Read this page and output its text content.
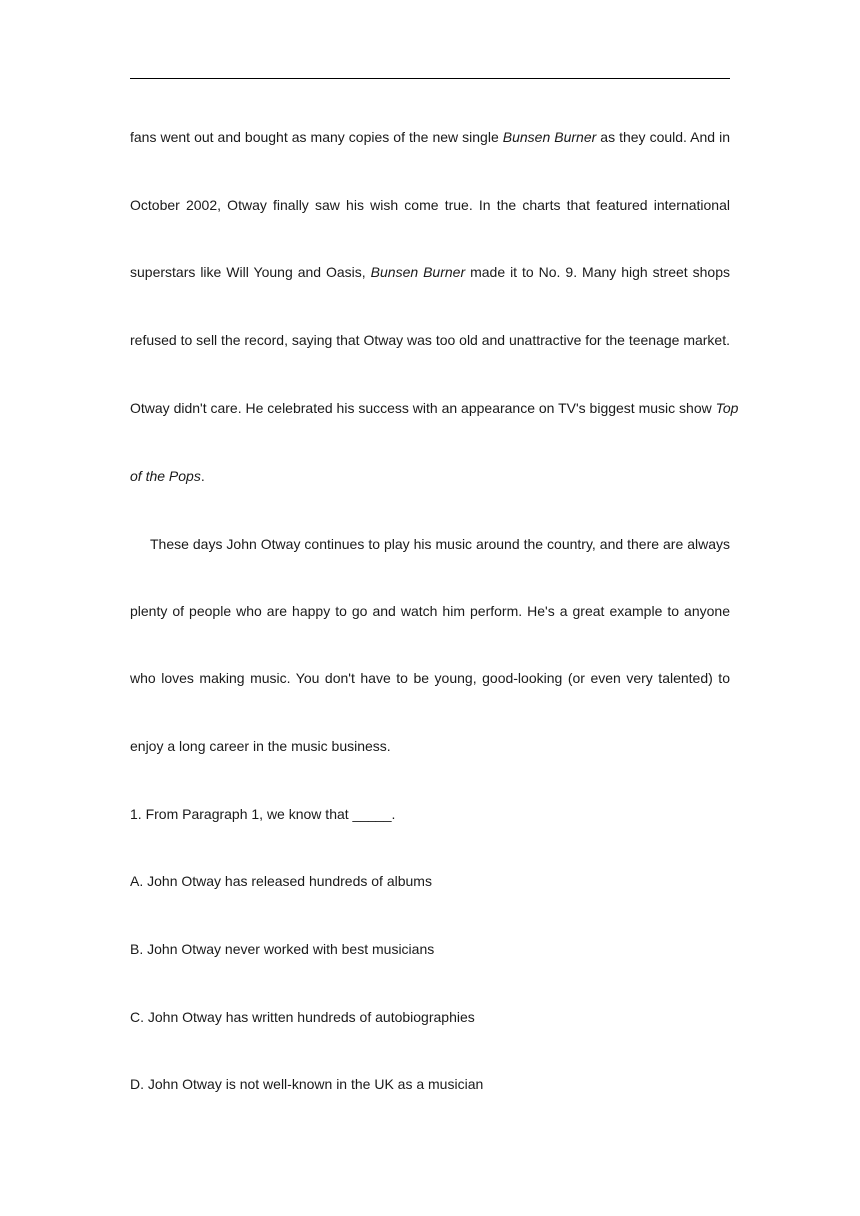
fans went out and bought as many copies of the new single Bunsen Burner as they could. And in
October 2002, Otway finally saw his wish come true. In the charts that featured international
superstars like Will Young and Oasis, Bunsen Burner made it to No. 9. Many high street shops
refused to sell the record, saying that Otway was too old and unattractive for the teenage market.
Otway didn't care. He celebrated his success with an appearance on TV's biggest music show Top
of the Pops.
These days John Otway continues to play his music around the country, and there are always
plenty of people who are happy to go and watch him perform. He's a great example to anyone
who loves making music. You don't have to be young, good-looking (or even very talented) to
enjoy a long career in the music business.
1. From Paragraph 1, we know that _____.
A. John Otway has released hundreds of albums
B. John Otway never worked with best musicians
C. John Otway has written hundreds of autobiographies
D. John Otway is not well-known in the UK as a musician
